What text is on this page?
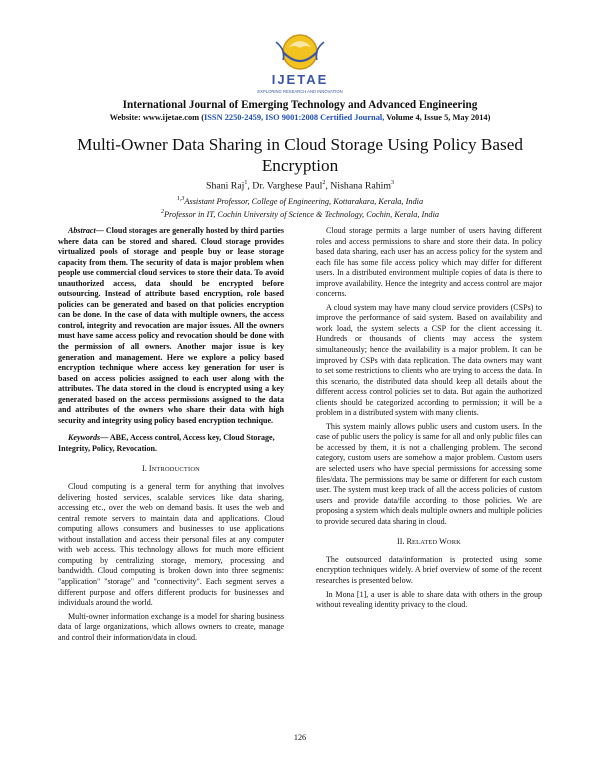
IJETAE
EXPLORING RESEARCH AND INNOVATION
International Journal of Emerging Technology and Advanced Engineering
Website: www.ijetae.com (ISSN 2250-2459, ISO 9001:2008 Certified Journal, Volume 4, Issue 5, May 2014)
Multi-Owner Data Sharing in Cloud Storage Using Policy Based Encryption
Shani Raj$^1$, Dr. Varghese Paul$^2$, Nishana Rahim$^3$
$^{1,3}$Assistant Professor, College of Engineering, Kottarakara, Kerala, India
$^2$Professor in IT, Cochin University of Science & Technology, Cochin, Kerala, India

Abstract— Cloud storages are generally hosted by third parties where data can be stored and shared. Cloud storage provides virtualized pools of storage and people buy or lease storage capacity from them. The security of data is major problem when people use commercial cloud services to store their data. To avoid unauthorized access, data should be encrypted before outsourcing. Instead of attribute based encryption, role based policies can be generated and based on that policies encryption can be done. In the case of data with multiple owners, the access control, integrity and revocation are major issues. All the owners must have same access policy and revocation should be done with the permission of all owners. Another major issue is key generation and management. Here we explore a policy based encryption technique where access key generation for user is based on access policies assigned to each user along with the attributes. The data stored in the cloud is encrypted using a key generated based on the access permissions assigned to the data and attributes of the owners who share their data with high security and integrity using policy based encryption technique.

Keywords— ABE, Access control, Access key, Cloud Storage, Integrity, Policy, Revocation.
I. INTRODUCTION

Cloud computing is a general term for anything that involves delivering hosted services, scalable services like data sharing, accessing etc., over the web on demand basis. It uses the web and central remote servers to maintain data and applications. Cloud computing allows consumers and businesses to use applications without installation and access their personal files at any computer with web access. This technology allows for much more efficient computing by centralizing storage, memory, processing and bandwidth. Cloud computing is broken down into three segments: "application" "storage" and "connectivity". Each segment serves a different purpose and offers different products for businesses and individuals around the world.

Multi-owner information exchange is a model for sharing business data of large organizations, which allows owners to create, manage and control their information/data in cloud.

Cloud storage permits a large number of users having different roles and access permissions to share and store their data. In policy based data sharing, each user has an access policy for the system and each file has some file access policy which may differ for different users. In a distributed environment multiple copies of data is there to improve availability. Hence the integrity and access control are major concerns.

A cloud system may have many cloud service providers (CSPs) to improve the performance of said system. Based on availability and work load, the system selects a CSP for the client accessing it. Hundreds or thousands of clients may access the system simultaneously; hence the availability is a major problem. It can be improved by CSPs with data replication. The data owners may want to set some restrictions to clients who are trying to access the data. In this scenario, the distributed data should keep all details about the different access control policies set to data. But again the authorized clients should be categorized according to permission; it will be a problem in a distributed system with many clients.

This system mainly allows public users and custom users. In the case of public users the policy is same for all and only public files can be accessed by them, it is not a challenging problem. The second category, custom users are somehow a major problem. Custom users are selected users who have special permissions for accessing some files/data. The permissions may be same or different for each custom user. The system must keep track of all the access policies of custom users and provide data/file according to those policies. We are proposing a system which deals multiple owners and multiple policies to provide secured data sharing in cloud.

II. RELATED WORK

The outsourced data/information is protected using some encryption techniques widely. A brief overview of some of the recent researches is presented below.

In Mona [1], a user is able to share data with others in the group without revealing identity privacy to the cloud.

126
